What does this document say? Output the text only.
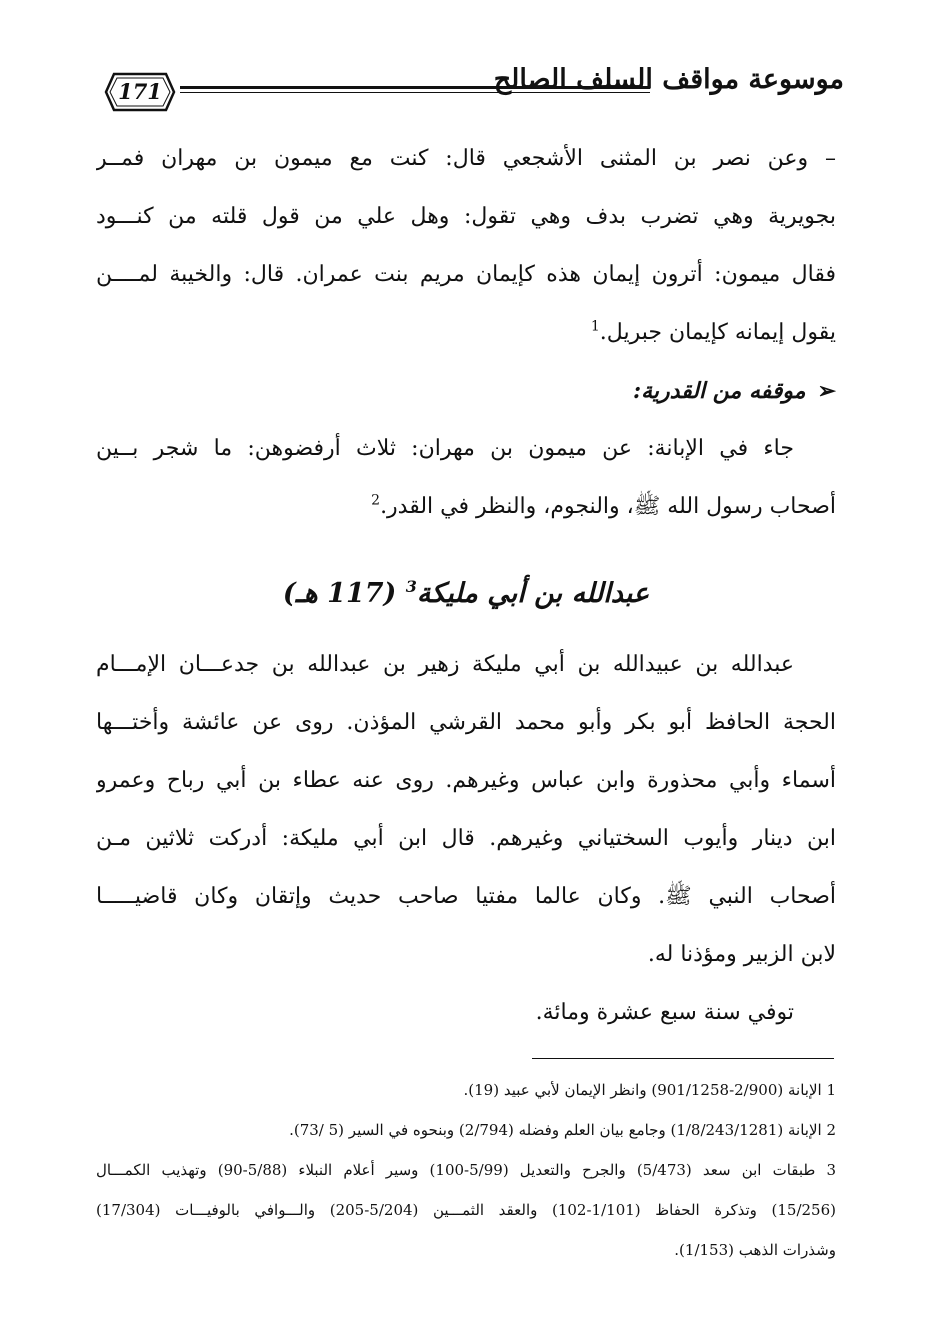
171	موسوعة مواقف السلف الصالح
– وعن نصر بن المثنى الأشجعي قال: كنت مع ميمون بن مهران فمــر
بجويرية وهي تضرب بدف وهي تقول: وهل علي من قول قلته من كنـــود
فقال ميمون: أترون إيمان هذه كإيمان مريم بنت عمران. قال: والخيبة لمــــن
يقول إيمانه كإيمان جبريل.$^1$
➢موقفه من القدرية:
جاء في الإبانة: عن ميمون بن مهران: ثلاث أرفضوهن: ما شجر بــين
أصحاب رسول الله ﷺ، والنجوم، والنظر في القدر.$^2$
عبدالله بن أبي مليكة$^3$ (117 هـ)
عبدالله بن عبيدالله بن أبي مليكة زهير بن عبدالله بن جدعـــان الإمـــام
الحجة الحافظ أبو بكر وأبو محمد القرشي المؤذن. روى عن عائشة وأختـــها
أسماء وأبي محذورة وابن عباس وغيرهم. روى عنه عطاء بن أبي رباح وعمرو
ابن دينار وأيوب السختياني وغيرهم. قال ابن أبي مليكة: أدركت ثلاثين مـن
أصحاب النبي ﷺ. وكان عالما مفتيا صاحب حديث وإتقان وكان قاضيـــــا
لابن الزبير ومؤذنا له.
توفي سنة سبع عشرة ومائة.
1 الإبانة (2/900-901/1258) وانظر الإيمان لأبي عبيد (19).
2 الإبانة (1/8/243/1281) وجامع بيان العلم وفضله (2/794) وبنحوه في السير (5 /73).
3 طبقات ابن سعد (5/473) والجرح والتعديل (5/99-100) وسير أعلام النبلاء (5/88-90) وتهذيب الكمـــال
(15/256) وتذكرة الحفاظ (1/101-102) والعقد الثمـــين (5/204-205) والـــوافي بالوفيـــات (17/304)
وشذرات الذهب (1/153).
